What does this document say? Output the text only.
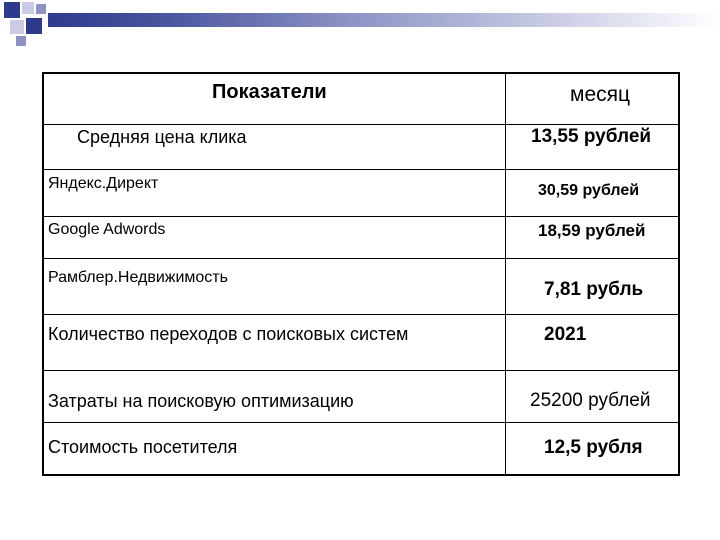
Показатели	месяц
Средняя цена клика
Яндекс.Директ
Google Adwords
Рамблер.Недвижимость
Количество переходов с поисковых систем
Затраты на поисковую оптимизацию
Стоимость посетителя
13,55 рублей
30,59 рублей
18,59 рублей
7,81 рубль
2021
25200 рублей
12,5 рубля
